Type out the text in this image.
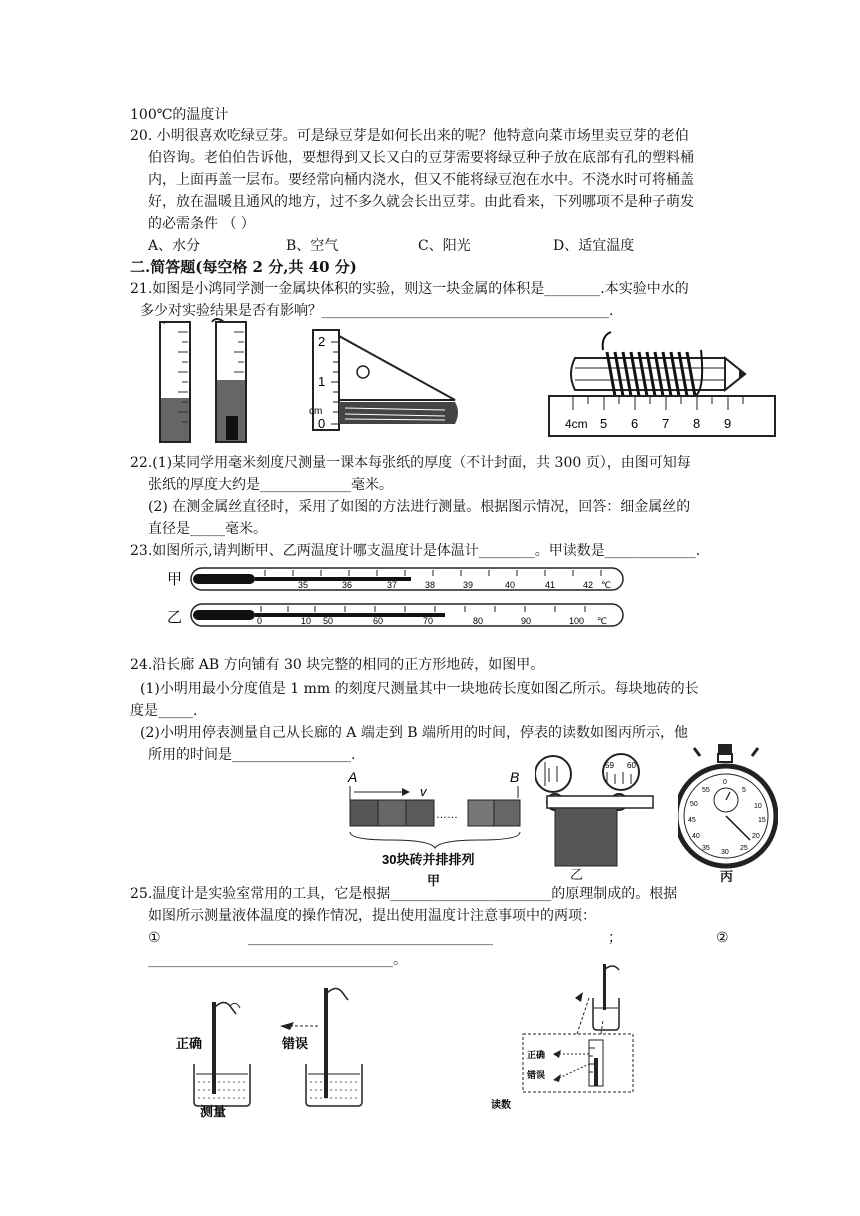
100℃的温度计
20. 小明很喜欢吃绿豆芽。可是绿豆芽是如何长出来的呢？他特意向菜市场里卖豆芽的老伯
伯咨询。老伯伯告诉他，要想得到又长又白的豆芽需要将绿豆种子放在底部有孔的塑料桶
内，上面再盖一层布。要经常向桶内浇水，但又不能将绿豆泡在水中。不浇水时可将桶盖
好，放在温暖且通风的地方，过不多久就会长出豆芽。由此看来，下列哪项不是种子萌发
的必需条件 （ ）
A、水分	B、空气	C、阳光	D、适宜温度
二.简答题(每空格 2 分,共 40 分)
21.如图是小鸿同学测一金属块体积的实验，则这一块金属的体积是________.本实验中水的
多少对实验结果是否有影响？_________________________________________.
2
1
cm
0	4cm 5 6 7 8 9
22.(1)某同学用毫米刻度尺测量一课本每张纸的厚度（不计封面，共 300 页），由图可知每
张纸的厚度大约是_____________毫米。
(2) 在测金属丝直径时，采用了如图的方法进行测量。根据图示情况，回答：细金属丝的
直径是_____毫米。
23.如图所示,请判断甲、乙两温度计哪支温度计是体温计________。甲读数是_____________.
甲
乙
35	36	37	38	39	40	41	42 ℃
0	10 50	60	70	80	90	100 ℃
24.沿长廊 AB 方向铺有 30 块完整的相同的正方形地砖，如图甲。
(1)小明用最小分度值是 1 mm 的刻度尺测量其中一块地砖长度如图乙所示。每块地砖的长
度是_____.
(2)小明用停表测量自己从长廊的 A 端走到 B 端所用的时间，停表的读数如图丙所示，他
所用的时间是_________________.
A	B
v
……
30块砖并排排列
59 60
乙
0
30
5
10
15
20
25
35
40
45
50
55
丙
甲
25.温度计是实验室常用的工具，它是根据_______________________的原理制成的。根据
如图所示测量液体温度的操作情况，提出使用温度计注意事项中的两项：
①	___________________________________	；	②
___________________________________。
正确	错误
测量
正确
错误
读数
